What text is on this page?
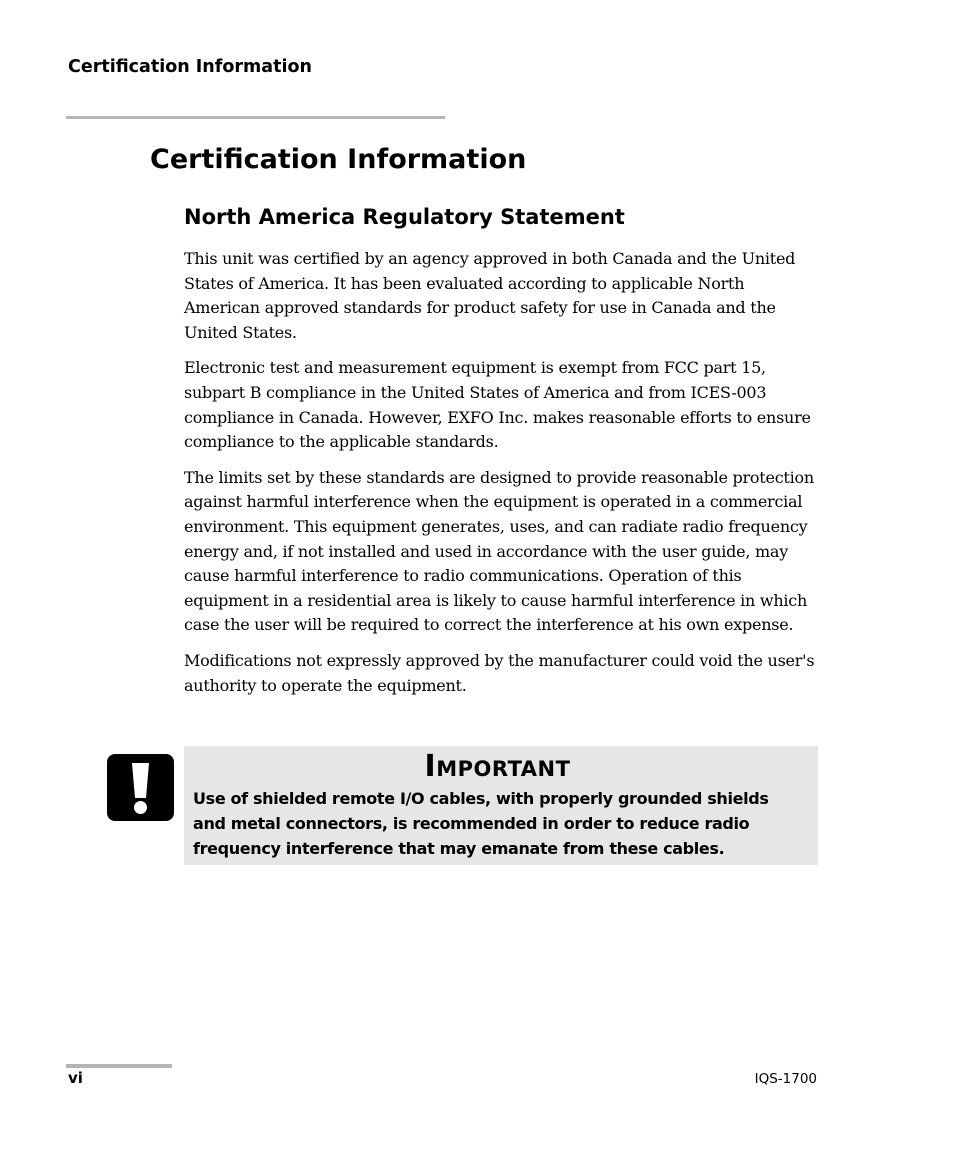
Certification Information
Certification Information
North America Regulatory Statement

This unit was certified by an agency approved in both Canada and the United States of America. It has been evaluated according to applicable North American approved standards for product safety for use in Canada and the United States.

Electronic test and measurement equipment is exempt from FCC part 15, subpart B compliance in the United States of America and from ICES-003 compliance in Canada. However, EXFO Inc. makes reasonable efforts to ensure compliance to the applicable standards.

The limits set by these standards are designed to provide reasonable protection against harmful interference when the equipment is operated in a commercial environment. This equipment generates, uses, and can radiate radio frequency energy and, if not installed and used in accordance with the user guide, may cause harmful interference to radio communications. Operation of this equipment in a residential area is likely to cause harmful interference in which case the user will be required to correct the interference at his own expense.

Modifications not expressly approved by the manufacturer could void the user's authority to operate the equipment.

Important
Use of shielded remote I/O cables, with properly grounded shields and metal connectors, is recommended in order to reduce radio frequency interference that may emanate from these cables.
vi	IQS-1700
